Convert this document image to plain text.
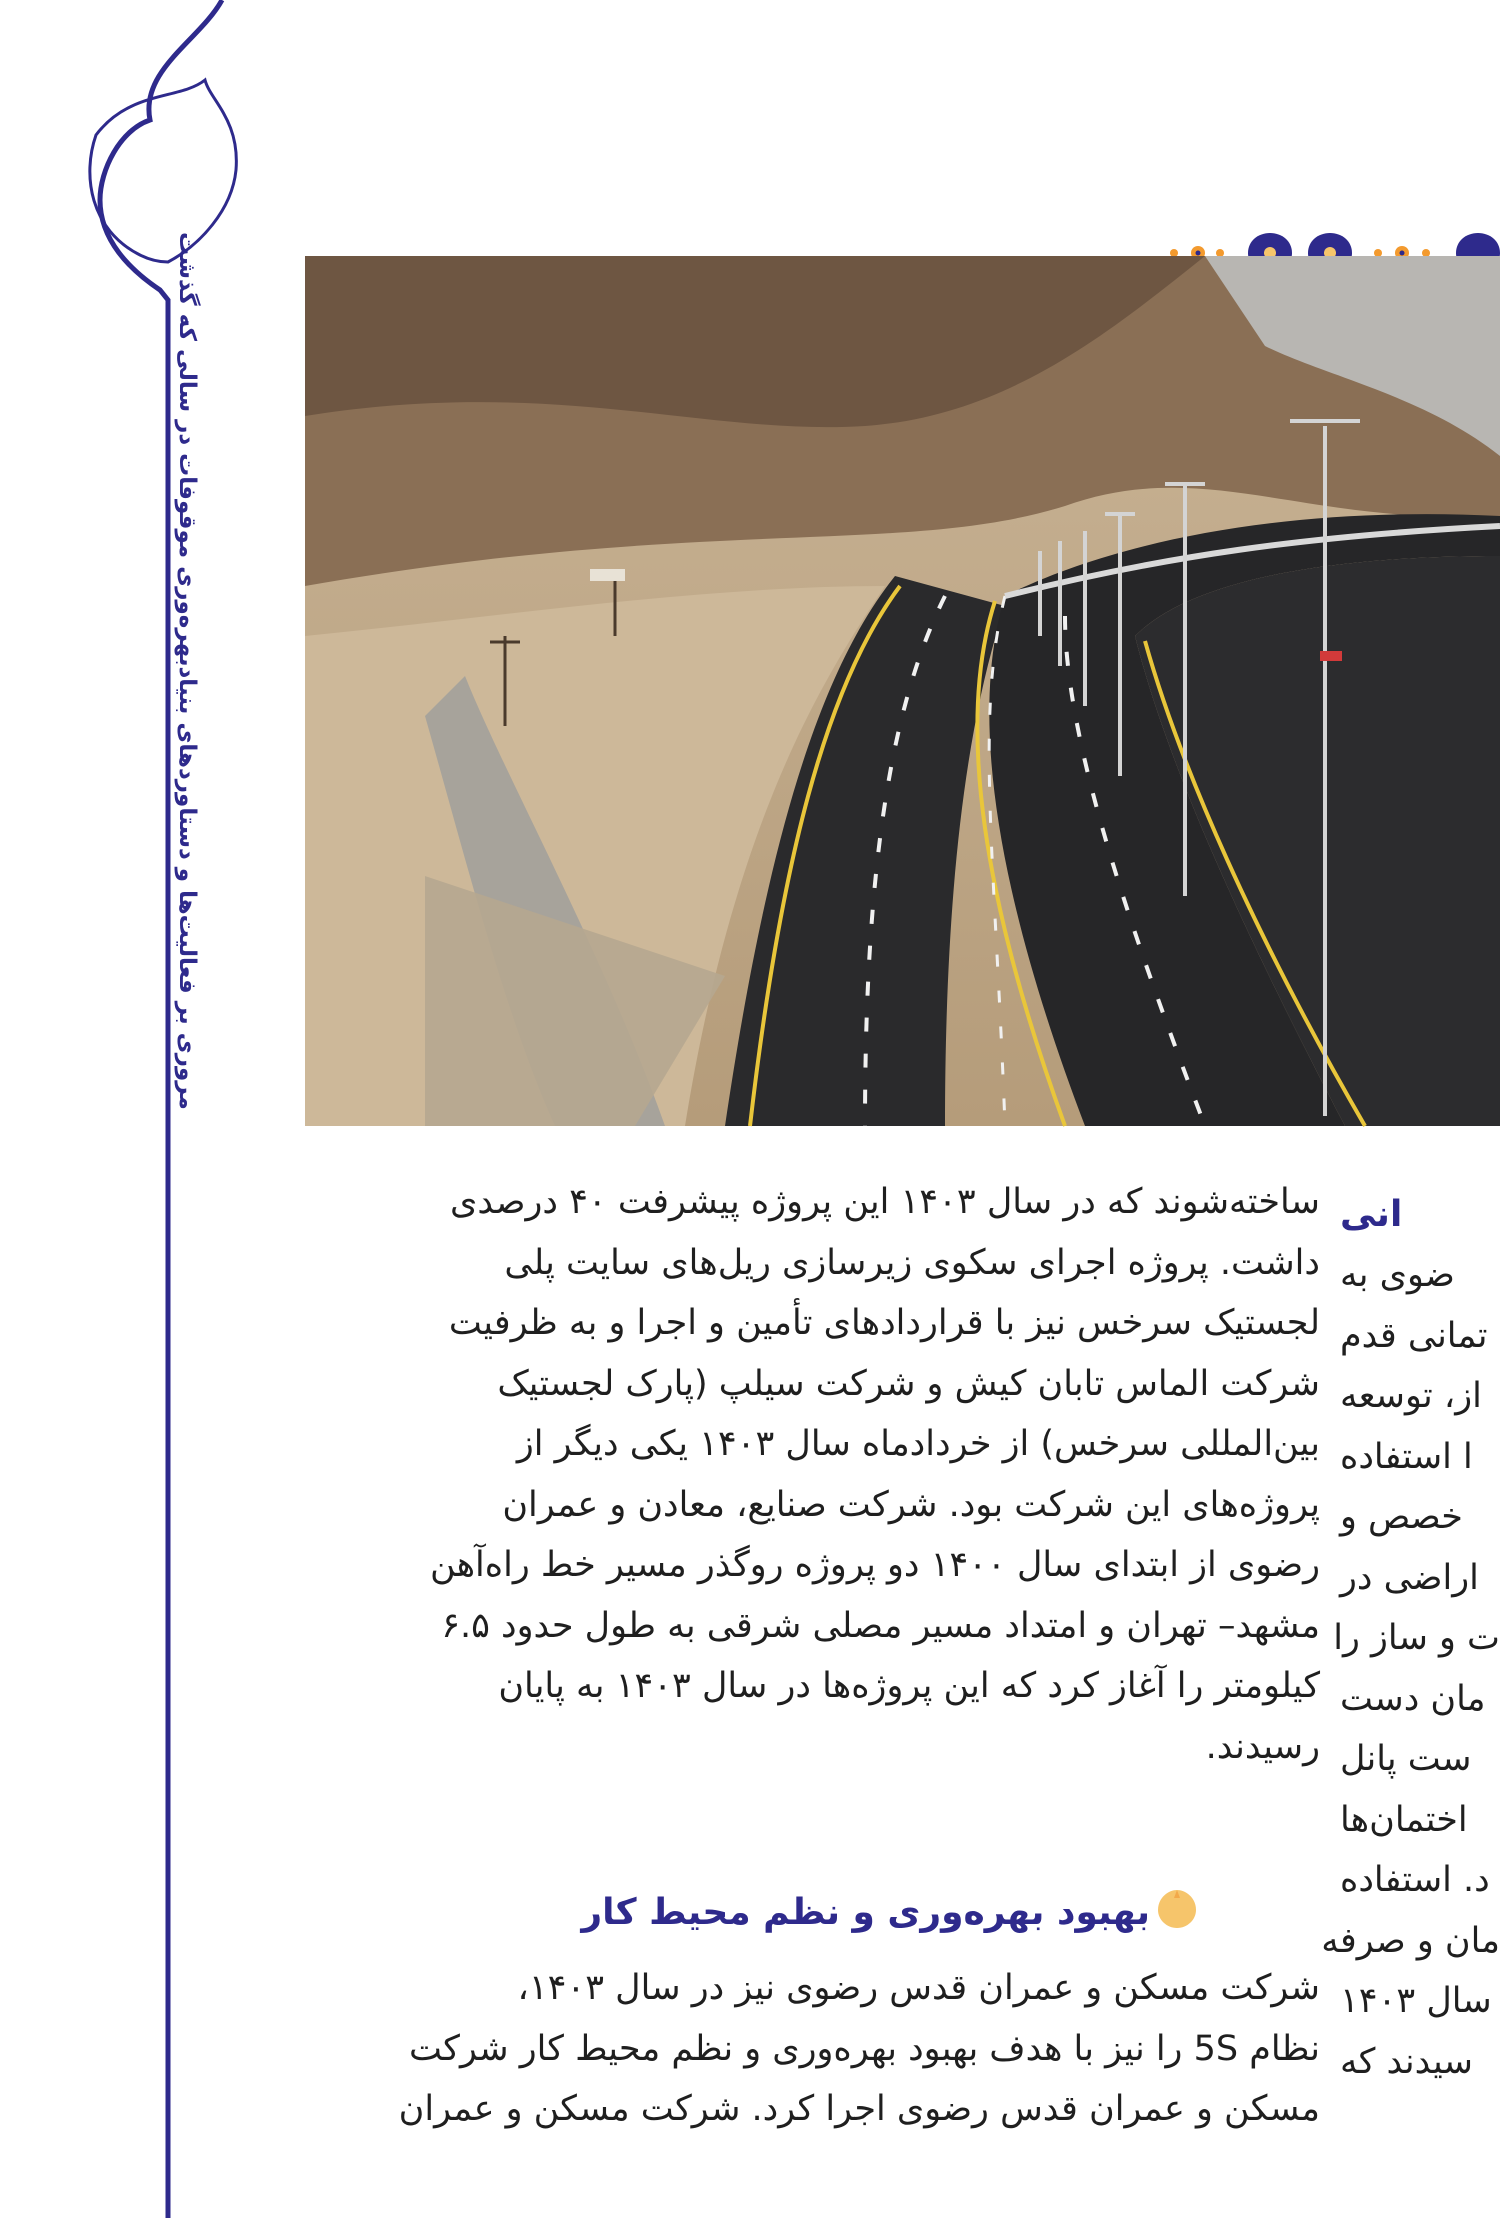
مروری بر فعالیت‌ها و دستاوردهای بنیادبهره‌وری موقوفات در سالی که گذشت

ساخته‌شوند که در سال ۱۴۰۳ این پروژه پیشرفت ۴۰ درصدی

داشت. پروژه اجرای سکوی زیرسازی ریل‌های سایت پلی

لجستیک سرخس نیز با قراردادهای تأمین و اجرا و به ظرفیت

شرکت الماس تابان کیش و شرکت سیلپ (پارک لجستیک

بین‌المللی سرخس) از خردادماه سال ۱۴۰۳ یکی دیگر از

پروژه‌های این شرکت بود. شرکت صنایع، معادن و عمران

رضوی از ابتدای سال ۱۴۰۰ دو پروژه روگذر مسیر خط راه‌آهن

مشهد– تهران و امتداد مسیر مصلی شرقی به طول حدود ۶.۵

کیلومتر را آغاز کرد که این پروژه‌ها در سال ۱۴۰۳ به پایان

رسیدند.

بهبود بهره‌وری و نظم محیط کار

شرکت مسکن و عمران قدس رضوی نیز در سال ۱۴۰۳،

نظام 5S را نیز با هدف بهبود بهره‌وری و نظم محیط کار شرکت

مسکن و عمران قدس رضوی اجرا کرد. شرکت مسکن و عمران

انی
ضوی به
تمانی قدم
از، توسعه
ا استفاده
خصص و
اراضی در
ت و ساز را
مان دست
ست پانل
اختمان‌ها
د. استفاده
مان و صرفه
سال ۱۴۰۳
سیدند که
